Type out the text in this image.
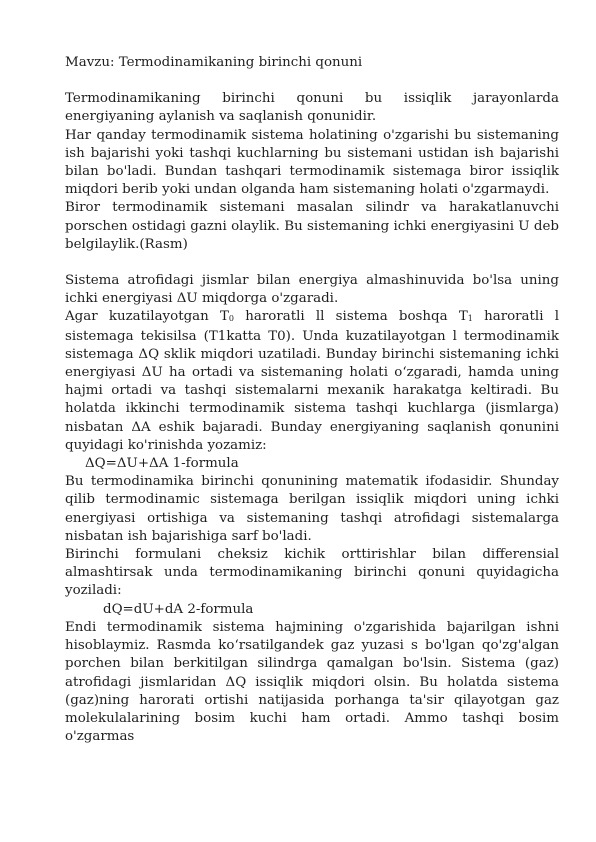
Mavzu: Termodinamikaning birinchi qonuni

Termodinamikaning birinchi qonuni bu issiqlik jarayonlarda energiyaning aylanish va saqlanish qonunidir.

Har qanday termodinamik sistema holatining o'zgarishi bu sistemaning ish bajarishi yoki tashqi kuchlarning bu sistemani ustidan ish bajarishi bilan bo'ladi. Bundan tashqari termodinamik sistemaga biror issiqlik miqdori berib yoki undan olganda ham sistemaning holati o'zgarmaydi.

Biror termodinamik sistemani masalan silindr va harakatlanuvchi porschen ostidagi gazni olaylik. Bu sistemaning ichki energiyasini U deb belgilaylik.(Rasm)

Sistema atrofidagi jismlar bilan energiya almashinuvida bo'lsa uning ichki energiyasi ΔU miqdorga o'zgaradi.

Agar kuzatilayotgan T0 haroratli ll sistema boshqa T1 haroratli l sistemaga tekisilsa (T1katta T0). Unda kuzatilayotgan l termodinamik sistemaga ΔQ sklik miqdori uzatiladi. Bunday birinchi sistemaning ichki energiyasi ΔU ha ortadi va sistemaning holati o‘zgaradi, hamda uning hajmi ortadi va tashqi sistemalarni mexanik harakatga keltiradi. Bu holatda ikkinchi termodinamik sistema tashqi kuchlarga (jismlarga) nisbatan ΔA eshik bajaradi. Bunday energiyaning saqlanish qonunini quyidagi ko'rinishda yozamiz:

ΔQ=ΔU+ΔA 1-formula

Bu termodinamika birinchi qonunining matematik ifodasidir. Shunday qilib termodinamic sistemaga berilgan issiqlik miqdori uning ichki energiyasi ortishiga va sistemaning tashqi atrofidagi sistemalarga nisbatan ish bajarishiga sarf bo'ladi.

Birinchi formulani cheksiz kichik orttirishlar bilan differensial almashtirsak unda termodinamikaning birinchi qonuni quyidagicha yoziladi:

dQ=dU+dA 2-formula

Endi termodinamik sistema hajmining o'zgarishida bajarilgan ishni hisoblaymiz. Rasmda ko‘rsatilgandek gaz yuzasi s bo'lgan qo'zg'algan porchen bilan berkitilgan silindrga qamalgan bo'lsin. Sistema (gaz) atrofidagi jismlaridan ΔQ issiqlik miqdori olsin. Bu holatda sistema (gaz)ning harorati ortishi natijasida porhanga ta'sir qilayotgan gaz molekulalarining bosim kuchi ham ortadi. Ammo tashqi bosim o'zgarmas
